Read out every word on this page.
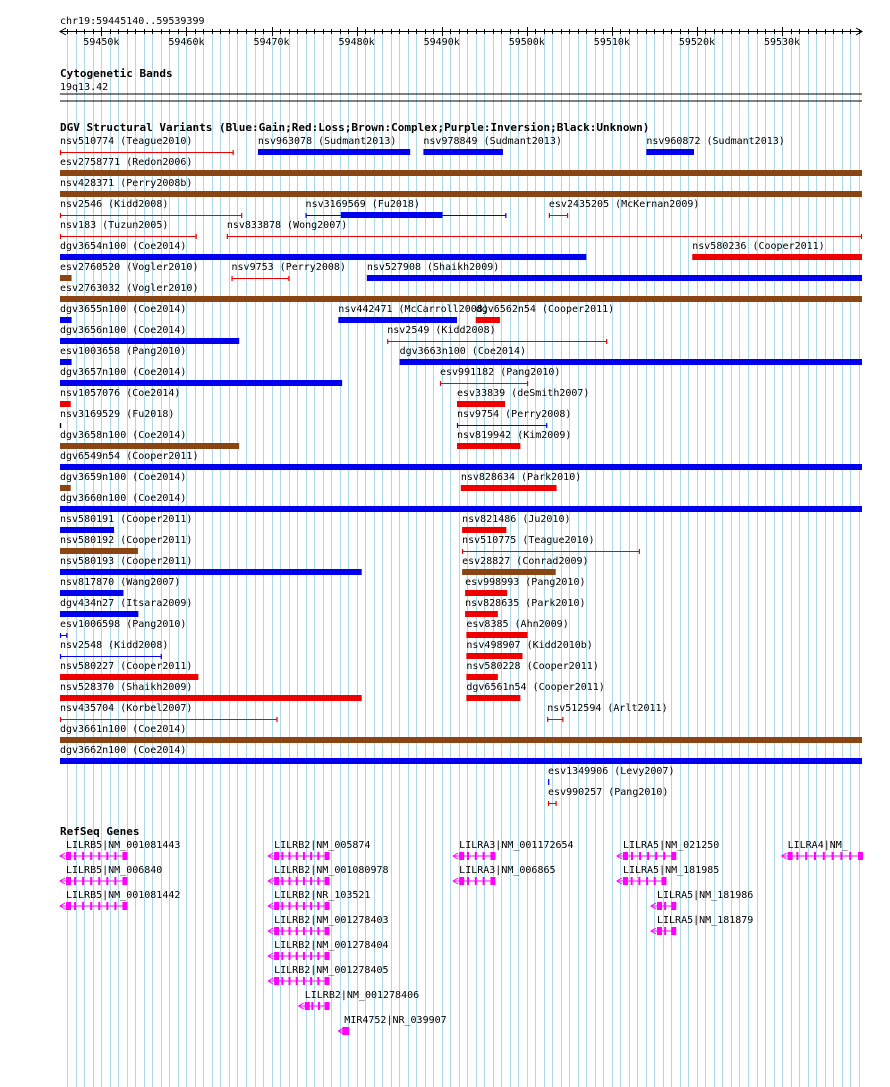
chr19:59445140..59539399
59450k	59460k	59470k	59480k	59490k	59500k	59510k	59520k	59530k
Cytogenetic Bands
19q13.42
DGV Structural Variants (Blue:Gain;Red:Loss;Brown:Complex;Purple:Inversion;Black:Unknown)
nsv510774 (Teague2010)	nsv963078 (Sudmant2013)	nsv978849 (Sudmant2013)	nsv960872 (Sudmant2013)
esv2758771 (Redon2006)
nsv428371 (Perry2008b)
nsv2546 (Kidd2008)	nsv3169569 (Fu2018)	esv2435205 (McKernan2009)
nsv183 (Tuzun2005)	nsv833878 (Wong2007)
dgv3654n100 (Coe2014)	nsv580236 (Cooper2011)
esv2760520 (Vogler2010)	nsv9753 (Perry2008) nsv527908 (Shaikh2009)
esv2763032 (Vogler2010)
dgv3655n100 (Coe2014)	nsv442471 (McCarroll2008)
dgv6562n54 (Cooper2011)
dgv3656n100 (Coe2014)	nsv2549 (Kidd2008)
esv1003658 (Pang2010)	dgv3663n100 (Coe2014)
dgv3657n100 (Coe2014)	esv991182 (Pang2010)
nsv1057076 (Coe2014)	esv33839 (deSmith2007)
nsv3169529 (Fu2018)	nsv9754 (Perry2008)
dgv3658n100 (Coe2014)	nsv819942 (Kim2009)
dgv6549n54 (Cooper2011)
dgv3659n100 (Coe2014)	nsv828634 (Park2010)
dgv3660n100 (Coe2014)
nsv580191 (Cooper2011)	nsv821486 (Ju2010)
nsv580192 (Cooper2011)	nsv510775 (Teague2010)
nsv580193 (Cooper2011)	esv28827 (Conrad2009)
nsv817870 (Wang2007)	esv998993 (Pang2010)
dgv434n27 (Itsara2009)	nsv828635 (Park2010)
esv1006598 (Pang2010)	esv8385 (Ahn2009)
nsv2548 (Kidd2008)	nsv498907 (Kidd2010b)
nsv580227 (Cooper2011)	nsv580228 (Cooper2011)
nsv528370 (Shaikh2009)	dgv6561n54 (Cooper2011)
nsv435704 (Korbel2007)	nsv512594 (Arlt2011)
dgv3661n100 (Coe2014)
dgv3662n100 (Coe2014)
esv1349906 (Levy2007)
esv990257 (Pang2010)
RefSeq Genes
LILRB5|NM_001081443
LILRB5|NM_006840
LILRB5|NM_001081442
LILRB2|NM_005874
LILRB2|NM_001080978
LILRB2|NR_103521
LILRB2|NM_001278403
LILRB2|NM_001278404
LILRB2|NM_001278405
LILRB2|NM_001278406
MIR4752|NR_039907
LILRA3|NM_001172654
LILRA3|NM_006865
LILRA5|NM_021250
LILRA5|NM_181985
LILRA5|NM_181986
LILRA5|NM_181879
LILRA4|NM_
